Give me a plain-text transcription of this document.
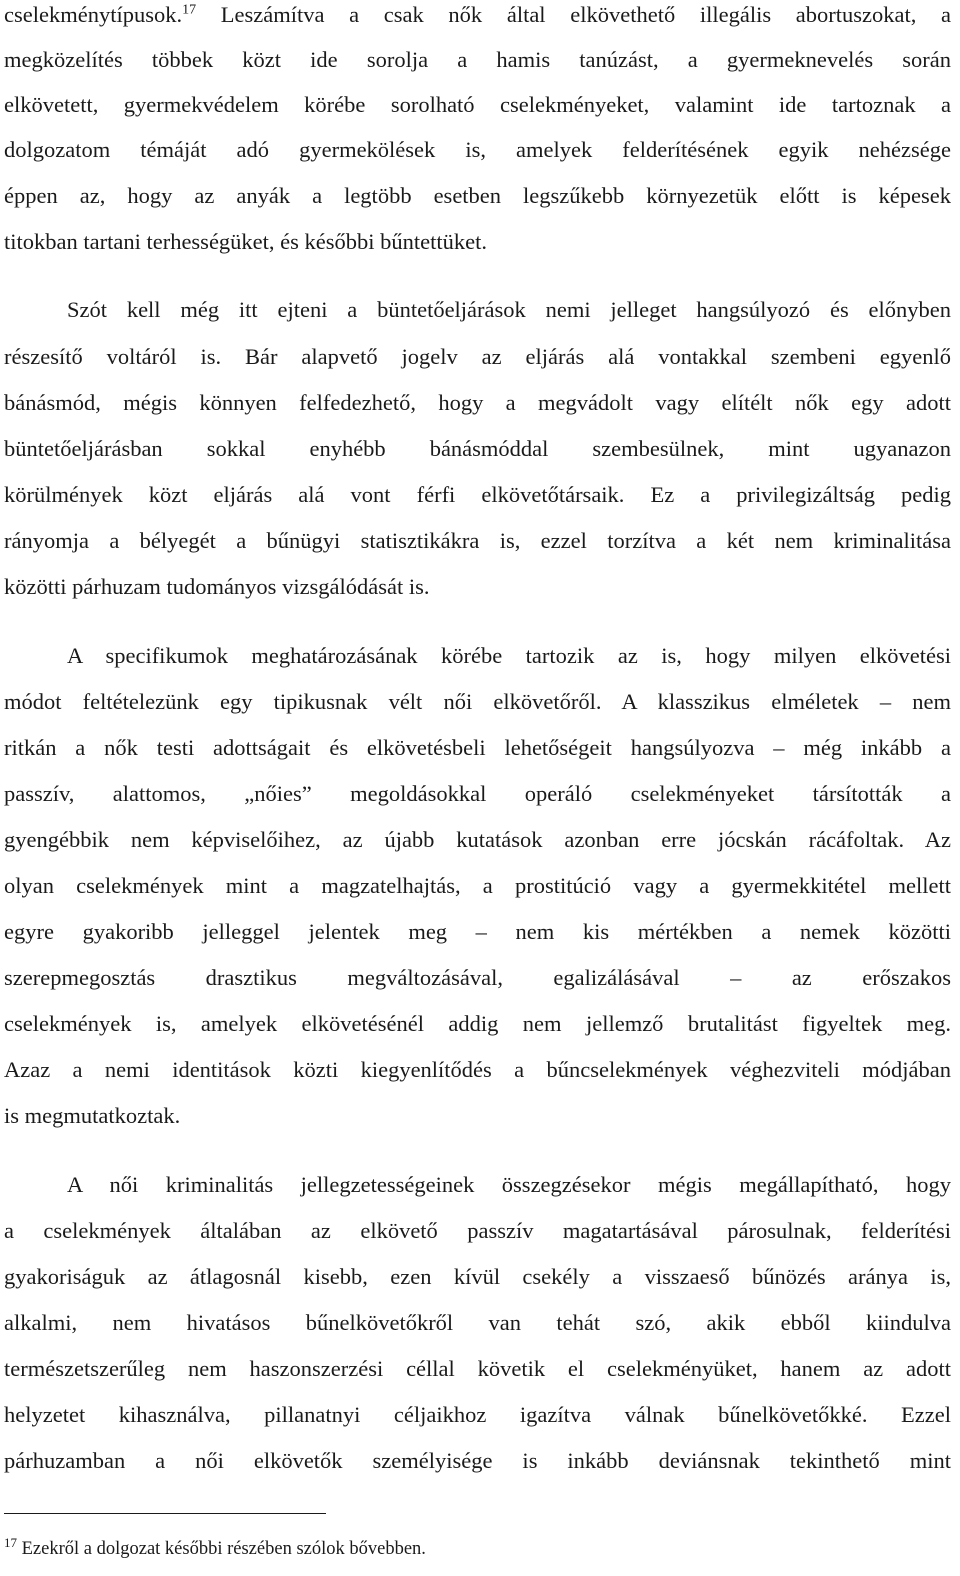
cselekménytípusok.$^{17}$ Leszámítva a csak nők által elkövethető illegális abortuszokat, a
megközelítés többek közt ide sorolja a hamis tanúzást, a gyermeknevelés során
elkövetett, gyermekvédelem körébe sorolható cselekményeket, valamint ide tartoznak a
dolgozatom témáját adó gyermekölések is, amelyek felderítésének egyik nehézsége
éppen az, hogy az anyák a legtöbb esetben legszűkebb környezetük előtt is képesek
titokban tartani terhességüket, és későbbi bűntettüket.
Szót kell még itt ejteni a büntetőeljárások nemi jelleget hangsúlyozó és előnyben
részesítő voltáról is. Bár alapvető jogelv az eljárás alá vontakkal szembeni egyenlő
bánásmód, mégis könnyen felfedezhető, hogy a megvádolt vagy elítélt nők egy adott
büntetőeljárásban sokkal enyhébb bánásmóddal szembesülnek, mint ugyanazon
körülmények közt eljárás alá vont férfi elkövetőtársaik. Ez a privilegizáltság pedig
rányomja a bélyegét a bűnügyi statisztikákra is, ezzel torzítva a két nem kriminalitása
közötti párhuzam tudományos vizsgálódását is.
A specifikumok meghatározásának körébe tartozik az is, hogy milyen elkövetési
módot feltételezünk egy tipikusnak vélt női elkövetőről. A klasszikus elméletek – nem
ritkán a nők testi adottságait és elkövetésbeli lehetőségeit hangsúlyozva – még inkább a
passzív, alattomos, „nőies” megoldásokkal operáló cselekményeket társították a
gyengébbik nem képviselőihez, az újabb kutatások azonban erre jócskán rácáfoltak. Az
olyan cselekmények mint a magzatelhajtás, a prostitúció vagy a gyermekkitétel mellett
egyre gyakoribb jelleggel jelentek meg – nem kis mértékben a nemek közötti
szerepmegosztás drasztikus megváltozásával, egalizálásával – az erőszakos
cselekmények is, amelyek elkövetésénél addig nem jellemző brutalitást figyeltek meg.
Azaz a nemi identitások közti kiegyenlítődés a bűncselekmények véghezviteli módjában
is megmutatkoztak.
A női kriminalitás jellegzetességeinek összegzésekor mégis megállapítható, hogy
a cselekmények általában az elkövető passzív magatartásával párosulnak, felderítési
gyakoriságuk az átlagosnál kisebb, ezen kívül csekély a visszaeső bűnözés aránya is,
alkalmi, nem hivatásos bűnelkövetőkről van tehát szó, akik ebből kiindulva
természetszerűleg nem haszonszerzési céllal követik el cselekményüket, hanem az adott
helyzetet kihasználva, pillanatnyi céljaikhoz igazítva válnak bűnelkövetőkké. Ezzel
párhuzamban a női elkövetők személyisége is inkább deviánsnak tekinthető mint
$^{17}$ Ezekről a dolgozat későbbi részében szólok bővebben.
